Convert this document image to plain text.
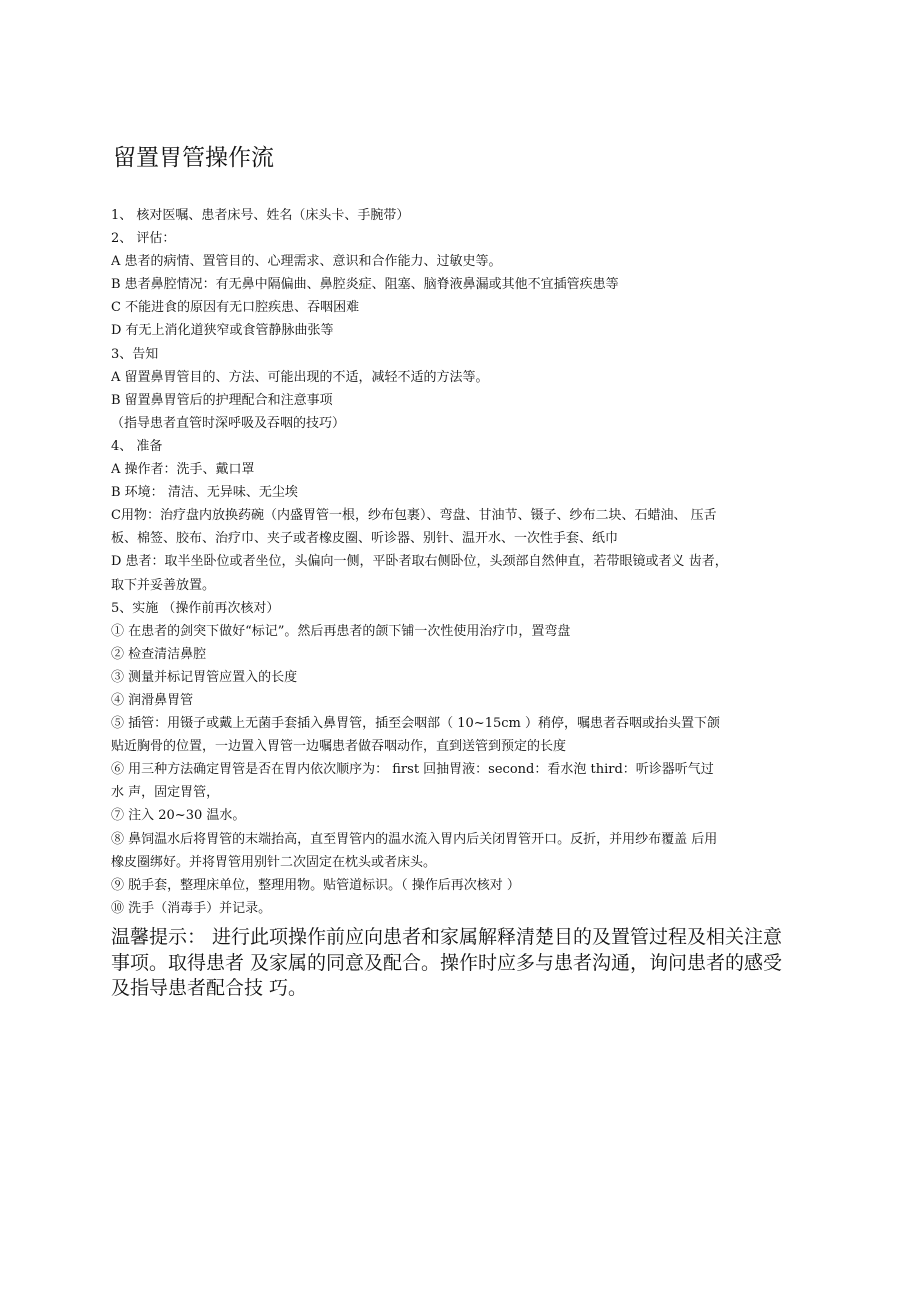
留置胃管操作流
1、 核对医嘱、患者床号、姓名（床头卡、手腕带）
2、 评估：
A 患者的病情、置管目的、心理需求、意识和合作能力、过敏史等。
B 患者鼻腔情况：有无鼻中隔偏曲、鼻腔炎症、阻塞、脑脊液鼻漏或其他不宜插管疾患等
C 不能进食的原因有无口腔疾患、吞咽困难
D 有无上消化道狭窄或食管静脉曲张等
3、告知
A 留置鼻胃管目的、方法、可能出现的不适，减轻不适的方法等。
B 留置鼻胃管后的护理配合和注意事项
（指导患者直管时深呼吸及吞咽的技巧）
4、 准备
A 操作者：洗手、戴口罩
B 环境： 清洁、无异味、无尘埃
C用物：治疗盘内放换药碗（内盛胃管一根，纱布包裹）、弯盘、甘油节、镊子、纱布二块、石蜡油、 压舌
板、棉签、胶布、治疗巾、夹子或者橡皮圈、听诊器、别针、温开水、一次性手套、纸巾
D 患者：取半坐卧位或者坐位，头偏向一侧，平卧者取右侧卧位，头颈部自然伸直，若带眼镜或者义 齿者，
取下并妥善放置。
5、实施 （操作前再次核对）
① 在患者的剑突下做好“标记”。然后再患者的颌下铺一次性使用治疗巾，置弯盘
② 检查清洁鼻腔
③ 测量并标记胃管应置入的长度
④ 润滑鼻胃管
⑤ 插管：用镊子或戴上无菌手套插入鼻胃管，插至会咽部（ 10~15cm ）稍停，嘱患者吞咽或抬头置下颌
贴近胸骨的位置，一边置入胃管一边嘱患者做吞咽动作，直到送管到预定的长度
⑥ 用三种方法确定胃管是否在胃内依次顺序为： first 回抽胃液：second：看水泡 third：听诊器听气过
水 声，固定胃管，
⑦ 注入 20~30 温水。
⑧ 鼻饲温水后将胃管的末端抬高，直至胃管内的温水流入胃内后关闭胃管开口。反折，并用纱布覆盖 后用
橡皮圈绑好。并将胃管用别针二次固定在枕头或者床头。
⑨ 脱手套，整理床单位，整理用物。贴管道标识。（ 操作后再次核对 ）
⑩ 洗手（消毒手）并记录。
温馨提示： 进行此项操作前应向患者和家属解释清楚目的及置管过程及相关注意
事项。取得患者 及家属的同意及配合。操作时应多与患者沟通，询问患者的感受
及指导患者配合技 巧。
